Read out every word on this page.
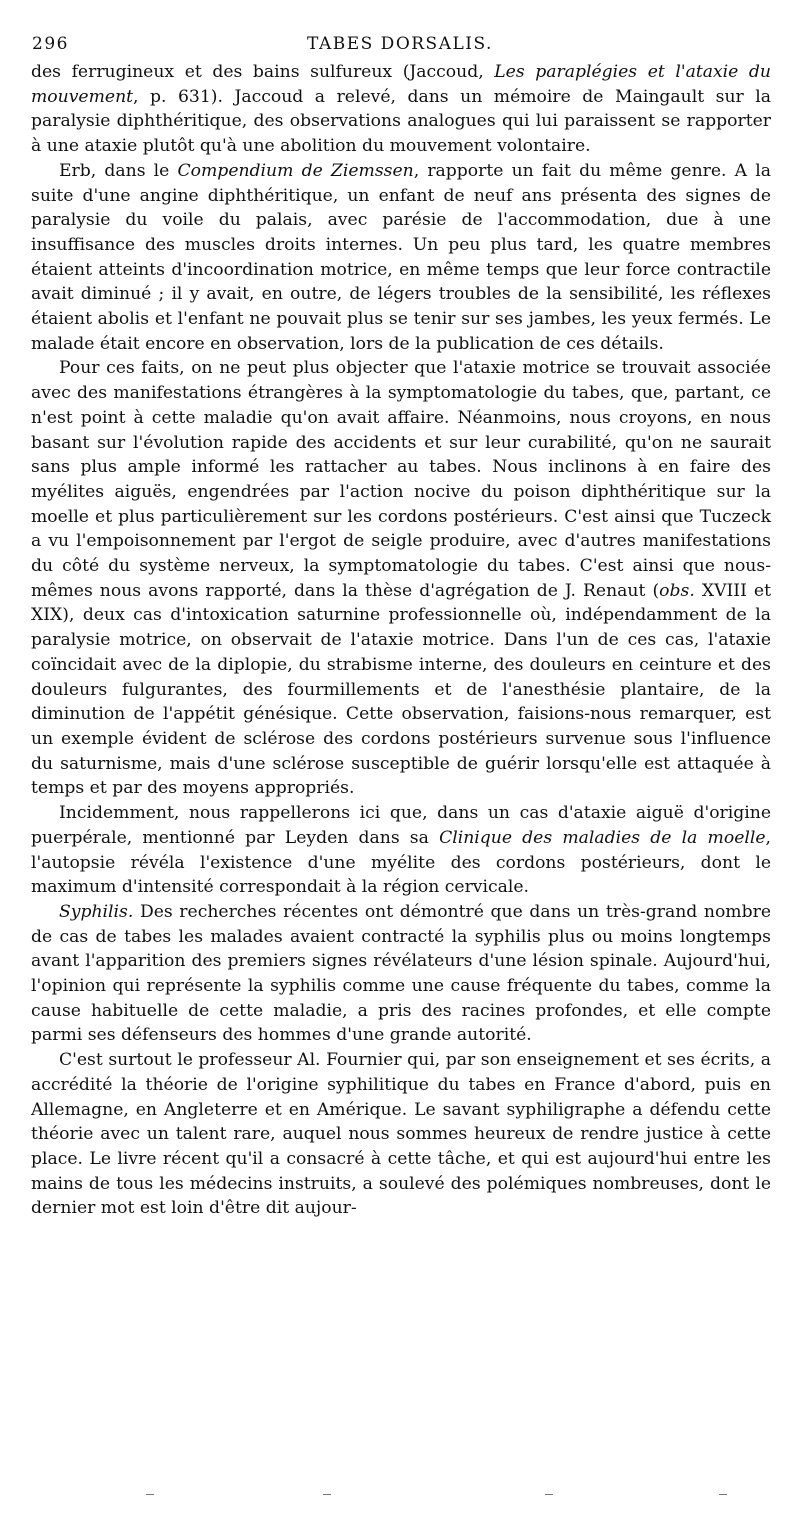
296	TABES DORSALIS.

des ferrugineux et des bains sulfureux (Jaccoud, Les paraplégies et l'ataxie du mouvement, p. 631). Jaccoud a relevé, dans un mémoire de Maingault sur la paralysie diphthéritique, des observations analogues qui lui paraissent se rapporter à une ataxie plutôt qu'à une abolition du mouvement volontaire.

Erb, dans le Compendium de Ziemssen, rapporte un fait du même genre. A la suite d'une angine diphthéritique, un enfant de neuf ans présenta des signes de paralysie du voile du palais, avec parésie de l'accommodation, due à une insuffisance des muscles droits internes. Un peu plus tard, les quatre membres étaient atteints d'incoordination motrice, en même temps que leur force contractile avait diminué ; il y avait, en outre, de légers troubles de la sensibilité, les réflexes étaient abolis et l'enfant ne pouvait plus se tenir sur ses jambes, les yeux fermés. Le malade était encore en observation, lors de la publication de ces détails.

Pour ces faits, on ne peut plus objecter que l'ataxie motrice se trouvait associée avec des manifestations étrangères à la symptomatologie du tabes, que, partant, ce n'est point à cette maladie qu'on avait affaire. Néanmoins, nous croyons, en nous basant sur l'évolution rapide des accidents et sur leur curabilité, qu'on ne saurait sans plus ample informé les rattacher au tabes. Nous inclinons à en faire des myélites aiguës, engendrées par l'action nocive du poison diphthéritique sur la moelle et plus particulièrement sur les cordons postérieurs. C'est ainsi que Tuczeck a vu l'empoisonnement par l'ergot de seigle produire, avec d'autres manifestations du côté du système nerveux, la symptomatologie du tabes. C'est ainsi que nous-mêmes nous avons rapporté, dans la thèse d'agrégation de J. Renaut (obs. XVIII et XIX), deux cas d'intoxication saturnine professionnelle où, indépendamment de la paralysie motrice, on observait de l'ataxie motrice. Dans l'un de ces cas, l'ataxie coïncidait avec de la diplopie, du strabisme interne, des douleurs en ceinture et des douleurs fulgurantes, des fourmillements et de l'anesthésie plantaire, de la diminution de l'appétit génésique. Cette observation, faisions-nous remarquer, est un exemple évident de sclérose des cordons postérieurs survenue sous l'influence du saturnisme, mais d'une sclérose susceptible de guérir lorsqu'elle est attaquée à temps et par des moyens appropriés.

Incidemment, nous rappellerons ici que, dans un cas d'ataxie aiguë d'origine puerpérale, mentionné par Leyden dans sa Clinique des maladies de la moelle, l'autopsie révéla l'existence d'une myélite des cordons postérieurs, dont le maximum d'intensité correspondait à la région cervicale.

Syphilis. Des recherches récentes ont démontré que dans un très-grand nombre de cas de tabes les malades avaient contracté la syphilis plus ou moins longtemps avant l'apparition des premiers signes révélateurs d'une lésion spinale. Aujourd'hui, l'opinion qui représente la syphilis comme une cause fréquente du tabes, comme la cause habituelle de cette maladie, a pris des racines profondes, et elle compte parmi ses défenseurs des hommes d'une grande autorité.

C'est surtout le professeur Al. Fournier qui, par son enseignement et ses écrits, a accrédité la théorie de l'origine syphilitique du tabes en France d'abord, puis en Allemagne, en Angleterre et en Amérique. Le savant syphiligraphe a défendu cette théorie avec un talent rare, auquel nous sommes heureux de rendre justice à cette place. Le livre récent qu'il a consacré à cette tâche, et qui est aujourd'hui entre les mains de tous les médecins instruits, a soulevé des polémiques nombreuses, dont le dernier mot est loin d'être dit aujour-
